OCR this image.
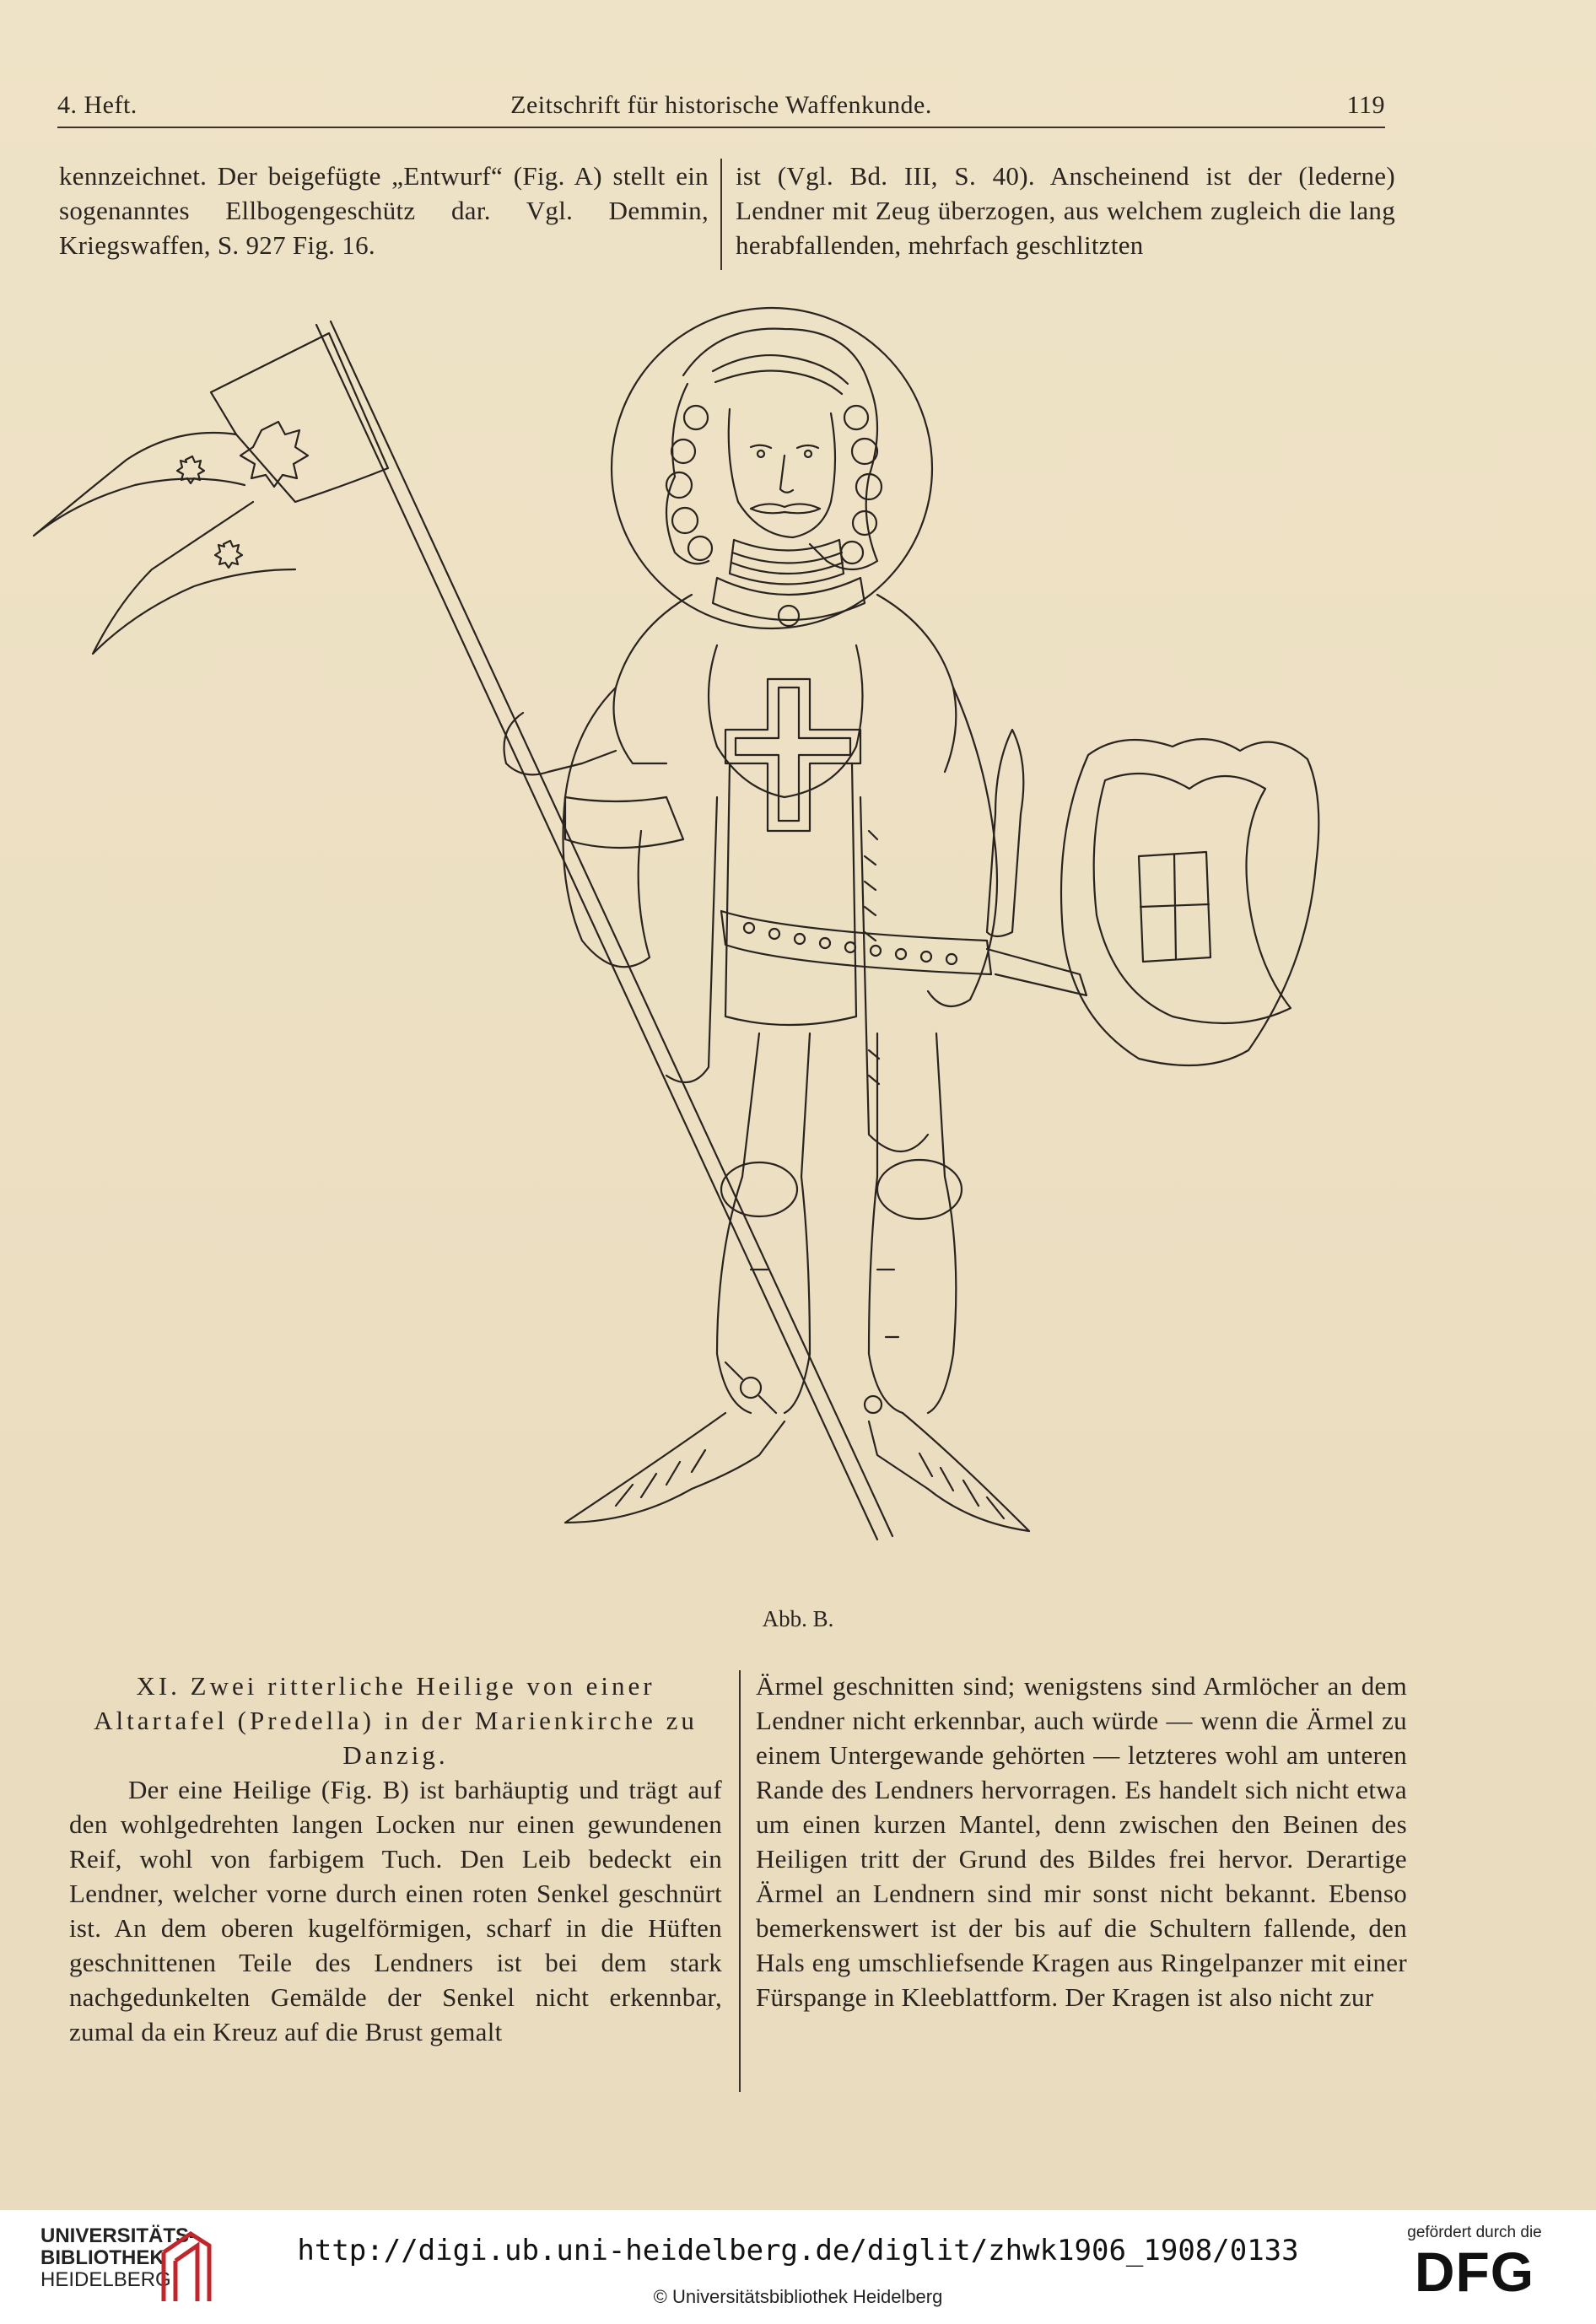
4. Heft.	Zeitschrift für historische Waffenkunde.	119

kennzeichnet. Der beigefügte „Entwurf“ (Fig. A) stellt ein sogenanntes Ellbogengeschütz dar. Vgl. Demmin, Kriegswaffen, S. 927 Fig. 16.

ist (Vgl. Bd. III, S. 40). Anscheinend ist der (lederne) Lendner mit Zeug überzogen, aus welchem zugleich die lang herabfallenden, mehrfach geschlitzten

Abb. B.

XI. Zwei ritterliche Heilige von einer Altartafel (Predella) in der Marienkirche zu Danzig.

Der eine Heilige (Fig. B) ist barhäuptig und trägt auf den wohlgedrehten langen Locken nur einen gewundenen Reif, wohl von farbigem Tuch. Den Leib bedeckt ein Lendner, welcher vorne durch einen roten Senkel geschnürt ist. An dem oberen kugelförmigen, scharf in die Hüften geschnittenen Teile des Lendners ist bei dem stark nachgedunkelten Gemälde der Senkel nicht erkennbar, zumal da ein Kreuz auf die Brust gemalt

Ärmel geschnitten sind; wenigstens sind Armlöcher an dem Lendner nicht erkennbar, auch würde — wenn die Ärmel zu einem Untergewande gehörten — letzteres wohl am unteren Rande des Lendners hervorragen. Es handelt sich nicht etwa um einen kurzen Mantel, denn zwischen den Beinen des Heiligen tritt der Grund des Bildes frei hervor. Derartige Ärmel an Lendnern sind mir sonst nicht bekannt. Ebenso bemerkenswert ist der bis auf die Schultern fallende, den Hals eng umschliefsende Kragen aus Ringelpanzer mit einer Fürspange in Kleeblattform. Der Kragen ist also nicht zur

UNIVERSITÄTS-
BIBLIOTHEK
HEIDELBERG
http://digi.ub.uni-heidelberg.de/diglit/zhwk1906_1908/0133
© Universitätsbibliothek Heidelberg
gefördert durch die
DFG
